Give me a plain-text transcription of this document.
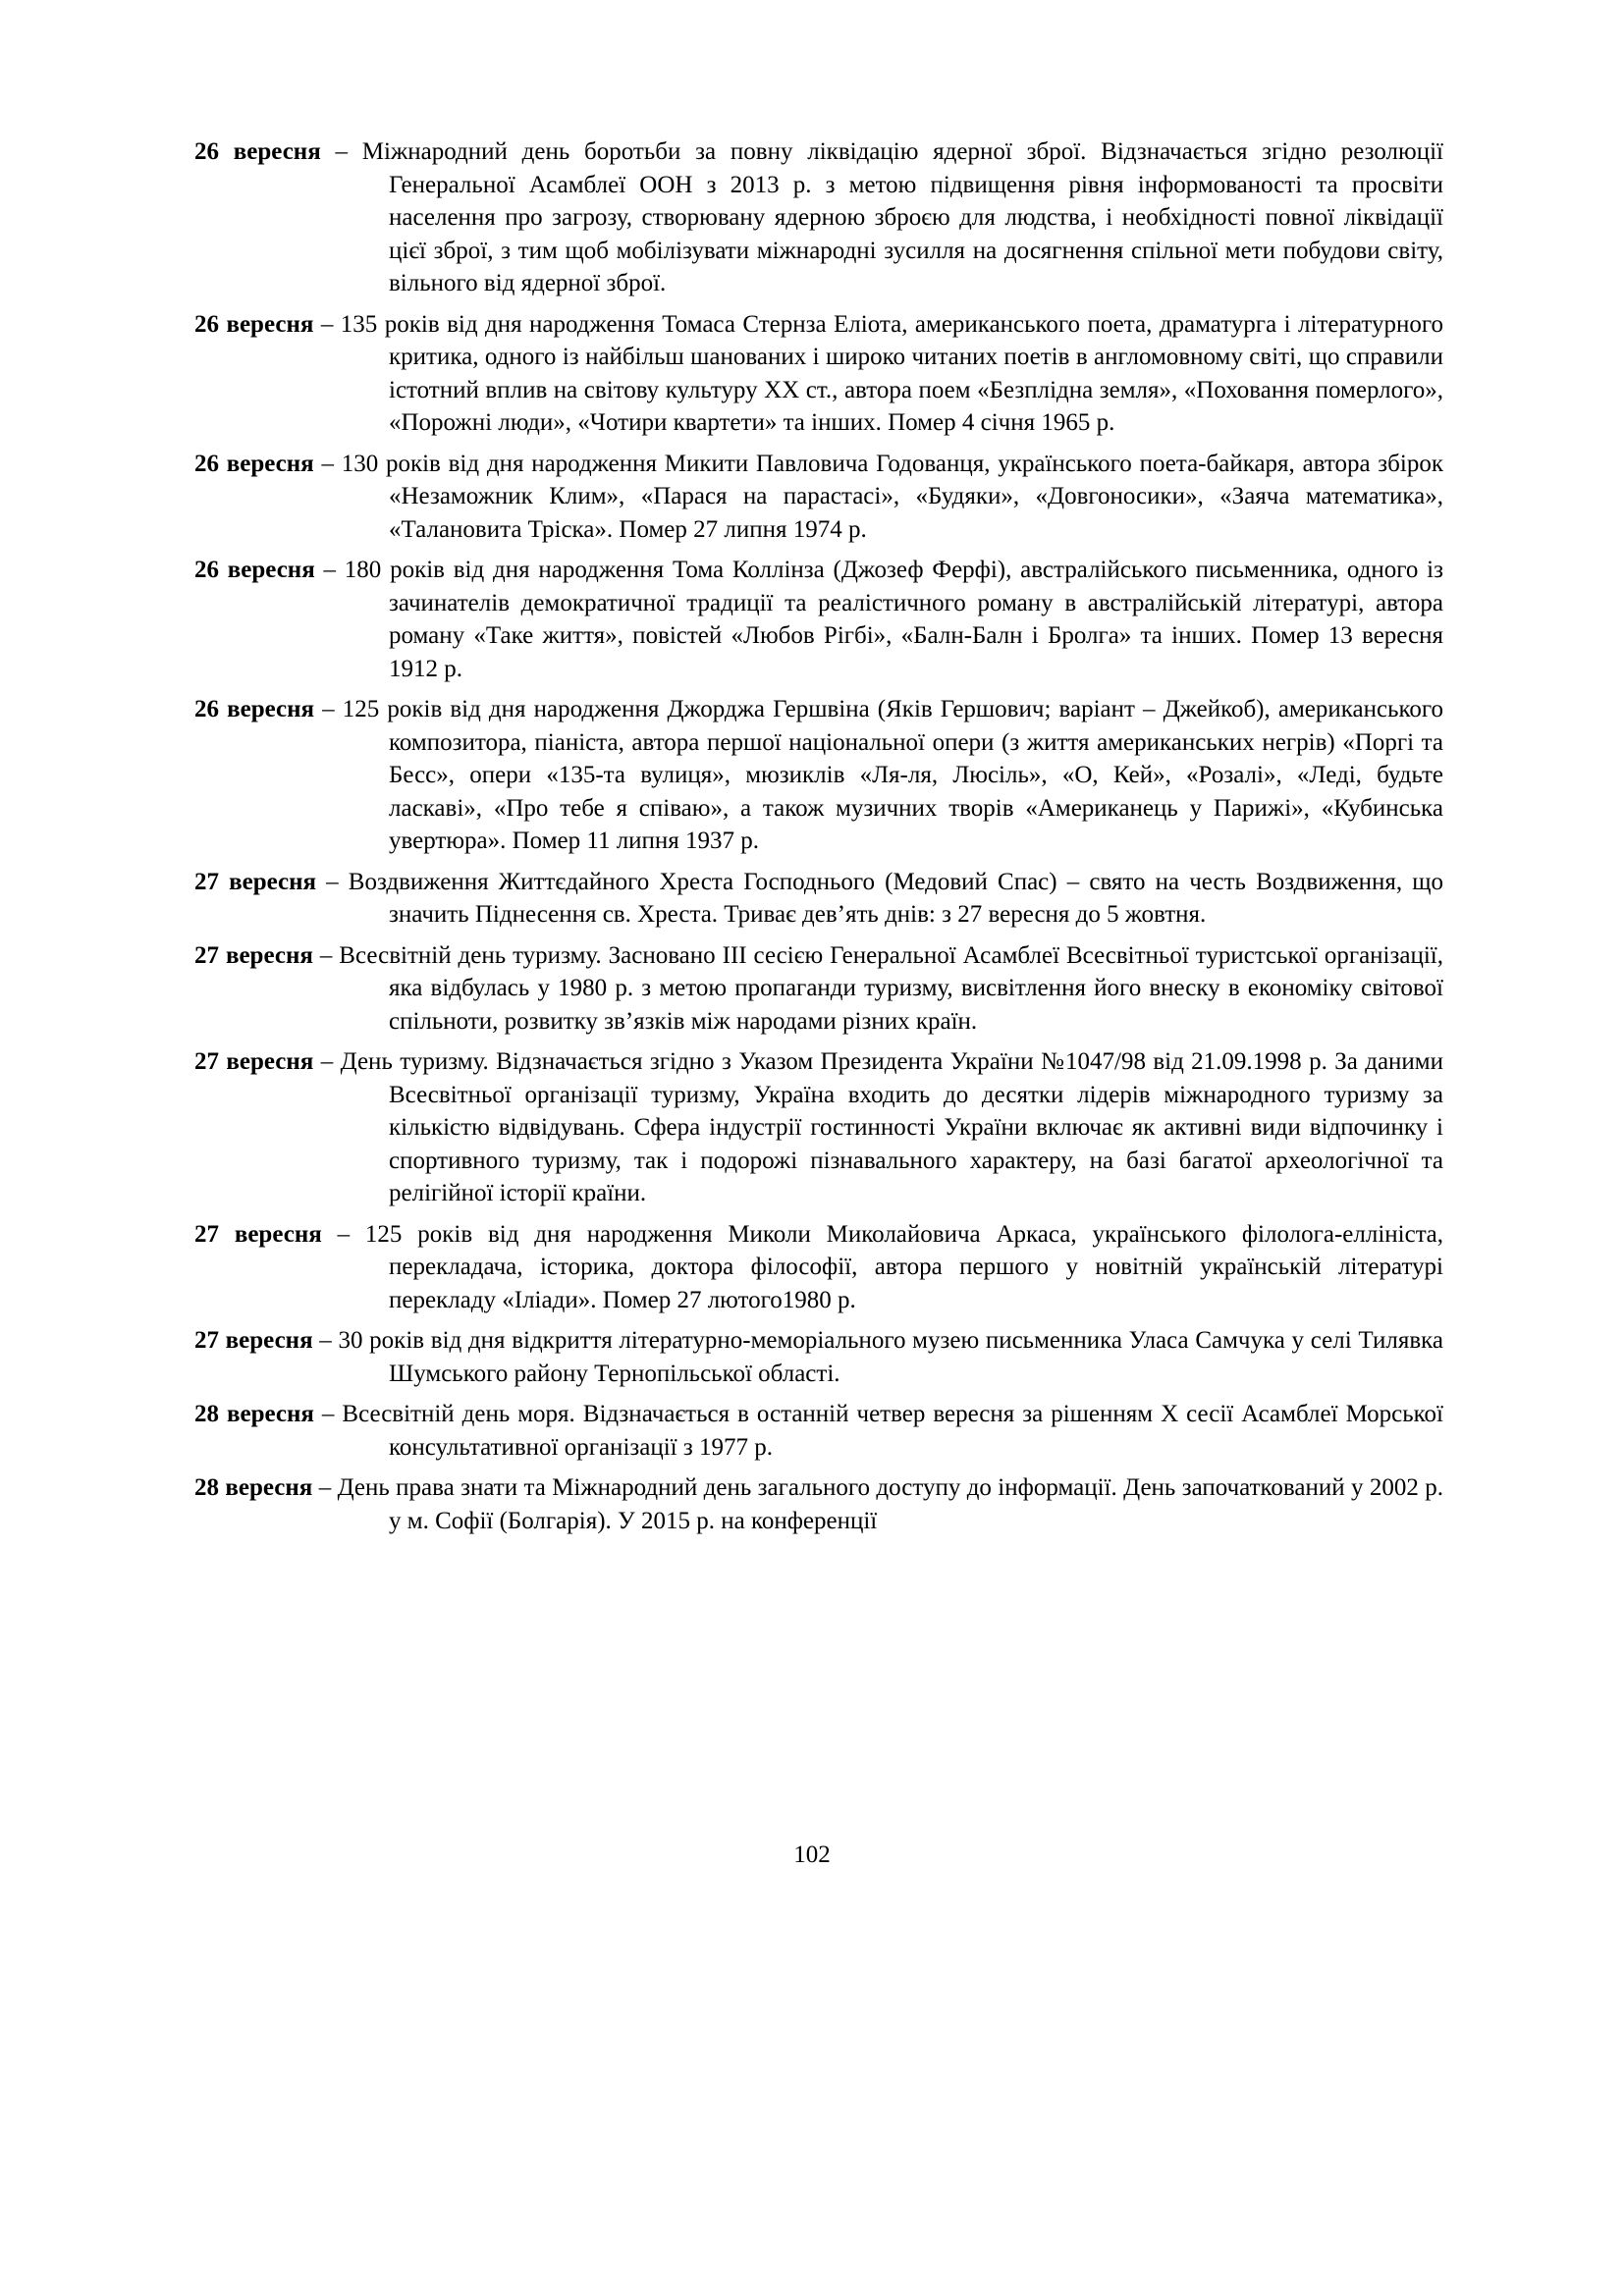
26 вересня – Міжнародний день боротьби за повну ліквідацію ядерної зброї. Відзначається згідно резолюції Генеральної Асамблеї ООН з 2013 р. з метою підвищення рівня інформованості та просвіти населення про загрозу, створювану ядерною зброєю для людства, і необхідності повної ліквідації цієї зброї, з тим щоб мобілізувати міжнародні зусилля на досягнення спільної мети побудови світу, вільного від ядерної зброї.

26 вересня – 135 років від дня народження Томаса Стернза Еліота, американського поета, драматурга і літературного критика, одного із найбільш шанованих і широко читаних поетів в англомовному світі, що справили істотний вплив на світову культуру ХХ ст., автора поем «Безплідна земля», «Поховання померлого», «Порожні люди», «Чотири квартети» та інших. Помер 4 січня 1965 р.

26 вересня – 130 років від дня народження Микити Павловича Годованця, українського поета-байкаря, автора збірок «Незаможник Клим», «Парася на парастасі», «Будяки», «Довгоносики», «Заяча математика», «Талановита Тріска». Помер 27 липня 1974 р.

26 вересня – 180 років від дня народження Тома Коллінза (Джозеф Ферфі), австралійського письменника, одного із зачинателів демократичної традиції та реалістичного роману в австралійській літературі, автора роману «Таке життя», повістей «Любов Рігбі», «Балн-Балн і Бролга» та інших. Помер 13 вересня 1912 р.

26 вересня – 125 років від дня народження Джорджа Гершвіна (Яків Гершович; варіант – Джейкоб), американського композитора, піаніста, автора першої національної опери (з життя американських негрів) «Поргі та Бесс», опери «135-та вулиця», мюзиклів «Ля-ля, Люсіль», «О, Кей», «Розалі», «Леді, будьте ласкаві», «Про тебе я співаю», а також музичних творів «Американець у Парижі», «Кубинська увертюра». Помер 11 липня 1937 р.

27 вересня – Воздвиження Життєдайного Хреста Господнього (Медовий Спас) – свято на честь Воздвиження, що значить Піднесення св. Хреста. Триває дев’ять днів: з 27 вересня до 5 жовтня.

27 вересня – Всесвітній день туризму. Засновано ІІІ сесією Генеральної Асамблеї Всесвітньої туристської організації, яка відбулась у 1980 р. з метою пропаганди туризму, висвітлення його внеску в економіку світової спільноти, розвитку зв’язків між народами різних країн.

27 вересня – День туризму. Відзначається згідно з Указом Президента України №1047/98 від 21.09.1998 р. За даними Всесвітньої організації туризму, Україна входить до десятки лідерів міжнародного туризму за кількістю відвідувань. Сфера індустрії гостинності України включає як активні види відпочинку і спортивного туризму, так і подорожі пізнавального характеру, на базі багатої археологічної та релігійної історії країни.

27 вересня – 125 років від дня народження Миколи Миколайовича Аркаса, українського філолога-елліністa, перекладача, історика, доктора філософії, автора першого у новітній українській літературі перекладу «Іліади». Помер 27 лютого1980 р.

27 вересня – 30 років від дня відкриття літературно-меморіального музею письменника Уласа Самчука у селі Тилявка Шумського району Тернопільської області.

28 вересня – Всесвітній день моря. Відзначається в останній четвер вересня за рішенням Х сесії Асамблеї Морської консультативної організації з 1977 р.

28 вересня – День права знати та Міжнародний день загального доступу до інформації. День започаткований у 2002 р. у м. Софії (Болгарія). У 2015 р. на конференції

102
